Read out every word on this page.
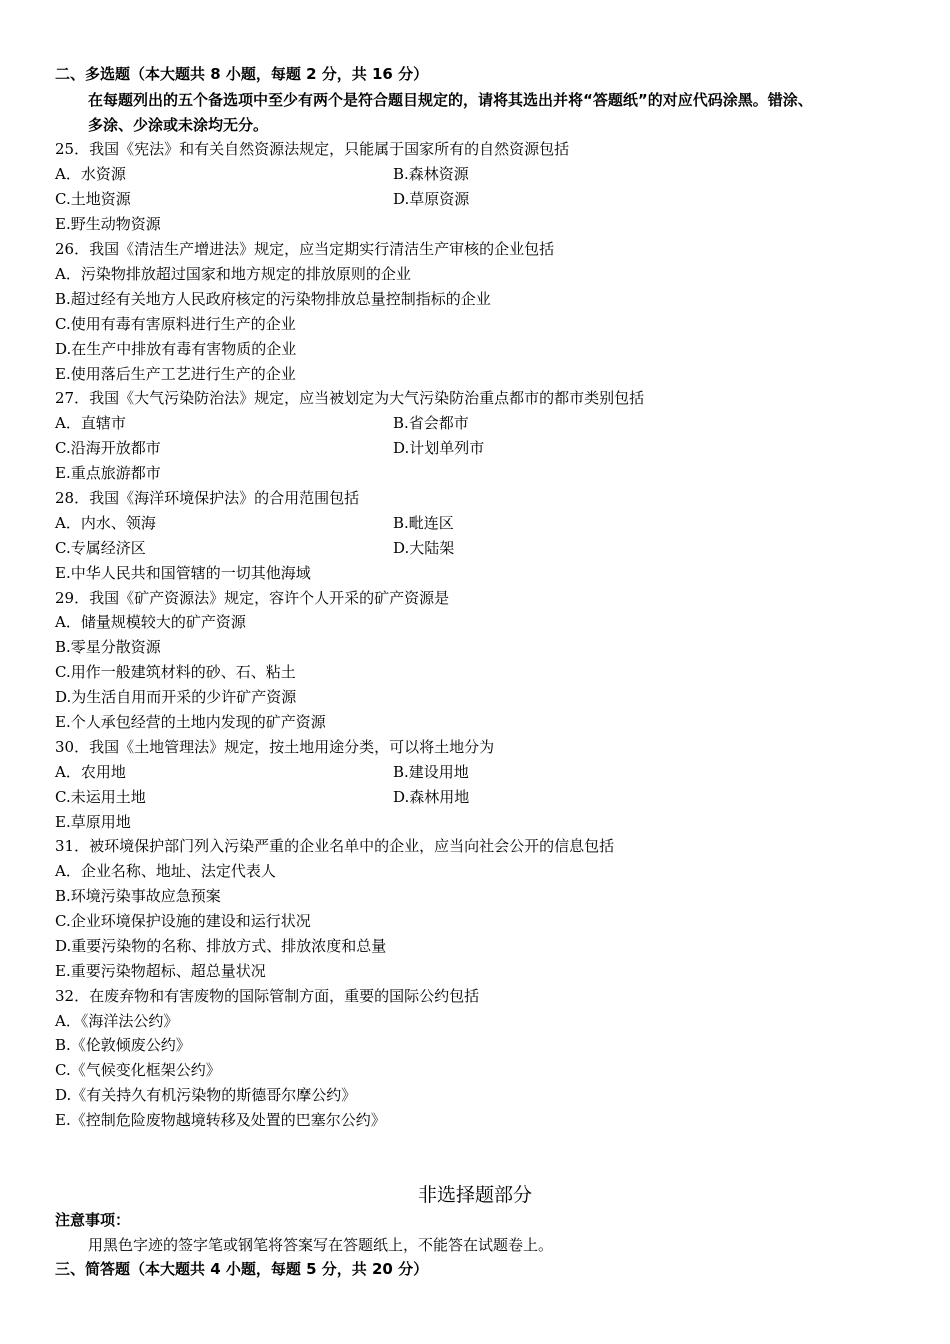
二、多选题（本大题共 8 小题，每题 2 分，共 16 分）
在每题列出的五个备选项中至少有两个是符合题目规定的，请将其选出并将“答题纸”的对应代码涂黑。错涂、
多涂、少涂或未涂均无分。
25．我国《宪法》和有关自然资源法规定，只能属于国家所有的自然资源包括
A．水资源	B.森林资源
C.土地资源	D.草原资源
E.野生动物资源
26．我国《清洁生产增进法》规定，应当定期实行清洁生产审核的企业包括
A．污染物排放超过国家和地方规定的排放原则的企业
B.超过经有关地方人民政府核定的污染物排放总量控制指标的企业
C.使用有毒有害原料进行生产的企业
D.在生产中排放有毒有害物质的企业
E.使用落后生产工艺进行生产的企业
27．我国《大气污染防治法》规定，应当被划定为大气污染防治重点都市的都市类别包括
A．直辖市	B.省会都市
C.沿海开放都市	D.计划单列市
E.重点旅游都市
28．我国《海洋环境保护法》的合用范围包括
A．内水、领海	B.毗连区
C.专属经济区	D.大陆架
E.中华人民共和国管辖的一切其他海域
29．我国《矿产资源法》规定，容许个人开采的矿产资源是
A．储量规模较大的矿产资源
B.零星分散资源
C.用作一般建筑材料的砂、石、粘土
D.为生活自用而开采的少许矿产资源
E.个人承包经营的土地内发现的矿产资源
30．我国《土地管理法》规定，按土地用途分类，可以将土地分为
A．农用地	B.建设用地
C.未运用土地	D.森林用地
E.草原用地
31．被环境保护部门列入污染严重的企业名单中的企业，应当向社会公开的信息包括
A．企业名称、地址、法定代表人
B.环境污染事故应急预案
C.企业环境保护设施的建设和运行状况
D.重要污染物的名称、排放方式、排放浓度和总量
E.重要污染物超标、超总量状况
32．在废弃物和有害废物的国际管制方面，重要的国际公约包括
A．《海洋法公约》
B.《伦敦倾废公约》
C.《气候变化框架公约》
D.《有关持久有机污染物的斯德哥尔摩公约》
E.《控制危险废物越境转移及处置的巴塞尔公约》
非选择题部分
注意事项：
用黑色字迹的签字笔或钢笔将答案写在答题纸上，不能答在试题卷上。
三、简答题（本大题共 4 小题，每题 5 分，共 20 分）
